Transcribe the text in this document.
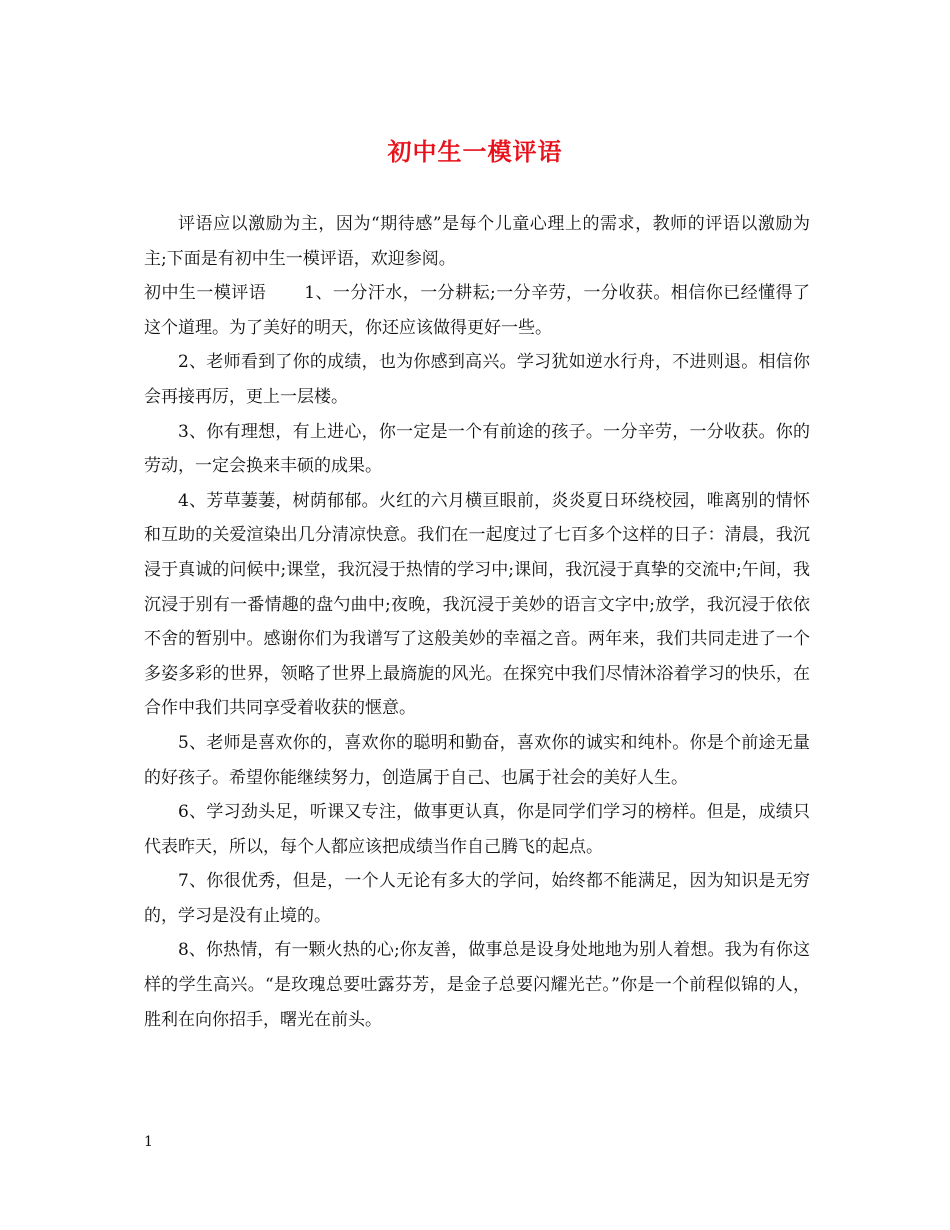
初中生一模评语

评语应以激励为主，因为“期待感”是每个儿童心理上的需求，教师的评语以激励为主;下面是有初中生一模评语，欢迎参阅。

初中生一模评语 1、一分汗水，一分耕耘;一分辛劳，一分收获。相信你已经懂得了这个道理。为了美好的明天，你还应该做得更好一些。

2、老师看到了你的成绩，也为你感到高兴。学习犹如逆水行舟，不进则退。相信你会再接再厉，更上一层楼。

3、你有理想，有上进心，你一定是一个有前途的孩子。一分辛劳，一分收获。你的劳动，一定会换来丰硕的成果。

4、芳草萋萋，树荫郁郁。火红的六月横亘眼前，炎炎夏日环绕校园，唯离别的情怀和互助的关爱渲染出几分清凉快意。我们在一起度过了七百多个这样的日子：清晨，我沉浸于真诚的问候中;课堂，我沉浸于热情的学习中;课间，我沉浸于真挚的交流中;午间，我沉浸于别有一番情趣的盘勺曲中;夜晚，我沉浸于美妙的语言文字中;放学，我沉浸于依依不舍的暂别中。感谢你们为我谱写了这般美妙的幸福之音。两年来，我们共同走进了一个多姿多彩的世界，领略了世界上最旖旎的风光。在探究中我们尽情沐浴着学习的快乐，在合作中我们共同享受着收获的惬意。

5、老师是喜欢你的，喜欢你的聪明和勤奋，喜欢你的诚实和纯朴。你是个前途无量的好孩子。希望你能继续努力，创造属于自己、也属于社会的美好人生。

6、学习劲头足，听课又专注，做事更认真，你是同学们学习的榜样。但是，成绩只代表昨天，所以，每个人都应该把成绩当作自己腾飞的起点。

7、你很优秀，但是，一个人无论有多大的学问，始终都不能满足，因为知识是无穷的，学习是没有止境的。

8、你热情，有一颗火热的心;你友善，做事总是设身处地地为别人着想。我为有你这样的学生高兴。“是玫瑰总要吐露芬芳，是金子总要闪耀光芒。”你是一个前程似锦的人，胜利在向你招手，曙光在前头。

1
